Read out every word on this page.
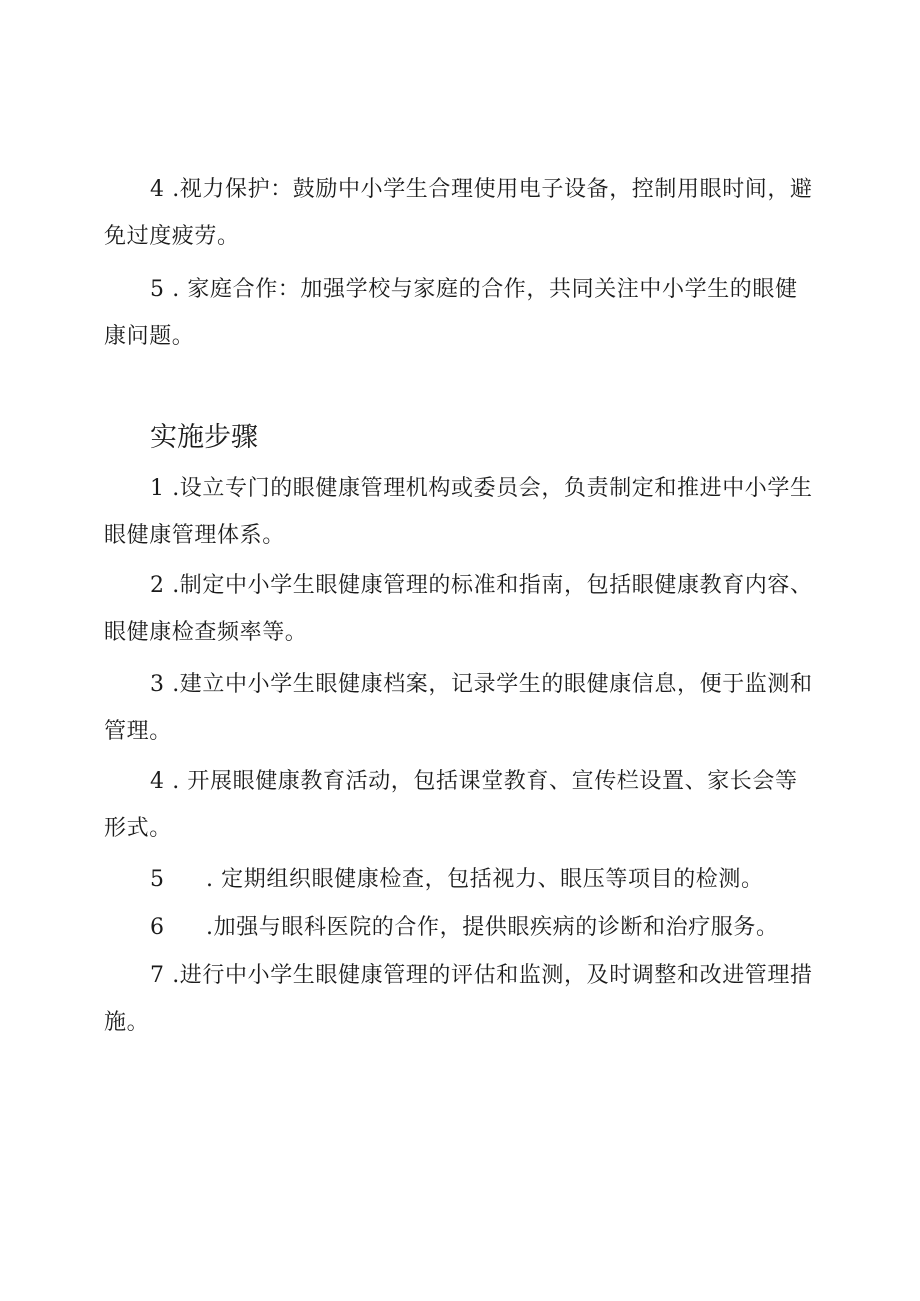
4 .视力保护：鼓励中小学生合理使用电子设备，控制用眼时间，避免过度疲劳。

5 . 家庭合作：加强学校与家庭的合作，共同关注中小学生的眼健康问题。

实施步骤

1 .设立专门的眼健康管理机构或委员会，负责制定和推进中小学生眼健康管理体系。

2 .制定中小学生眼健康管理的标准和指南，包括眼健康教育内容、眼健康检查频率等。

3 .建立中小学生眼健康档案，记录学生的眼健康信息，便于监测和管理。

4 . 开展眼健康教育活动，包括课堂教育、宣传栏设置、家长会等形式。

5 . 定期组织眼健康检查，包括视力、眼压等项目的检测。

6 .加强与眼科医院的合作，提供眼疾病的诊断和治疗服务。

7 .进行中小学生眼健康管理的评估和监测，及时调整和改进管理措施。
